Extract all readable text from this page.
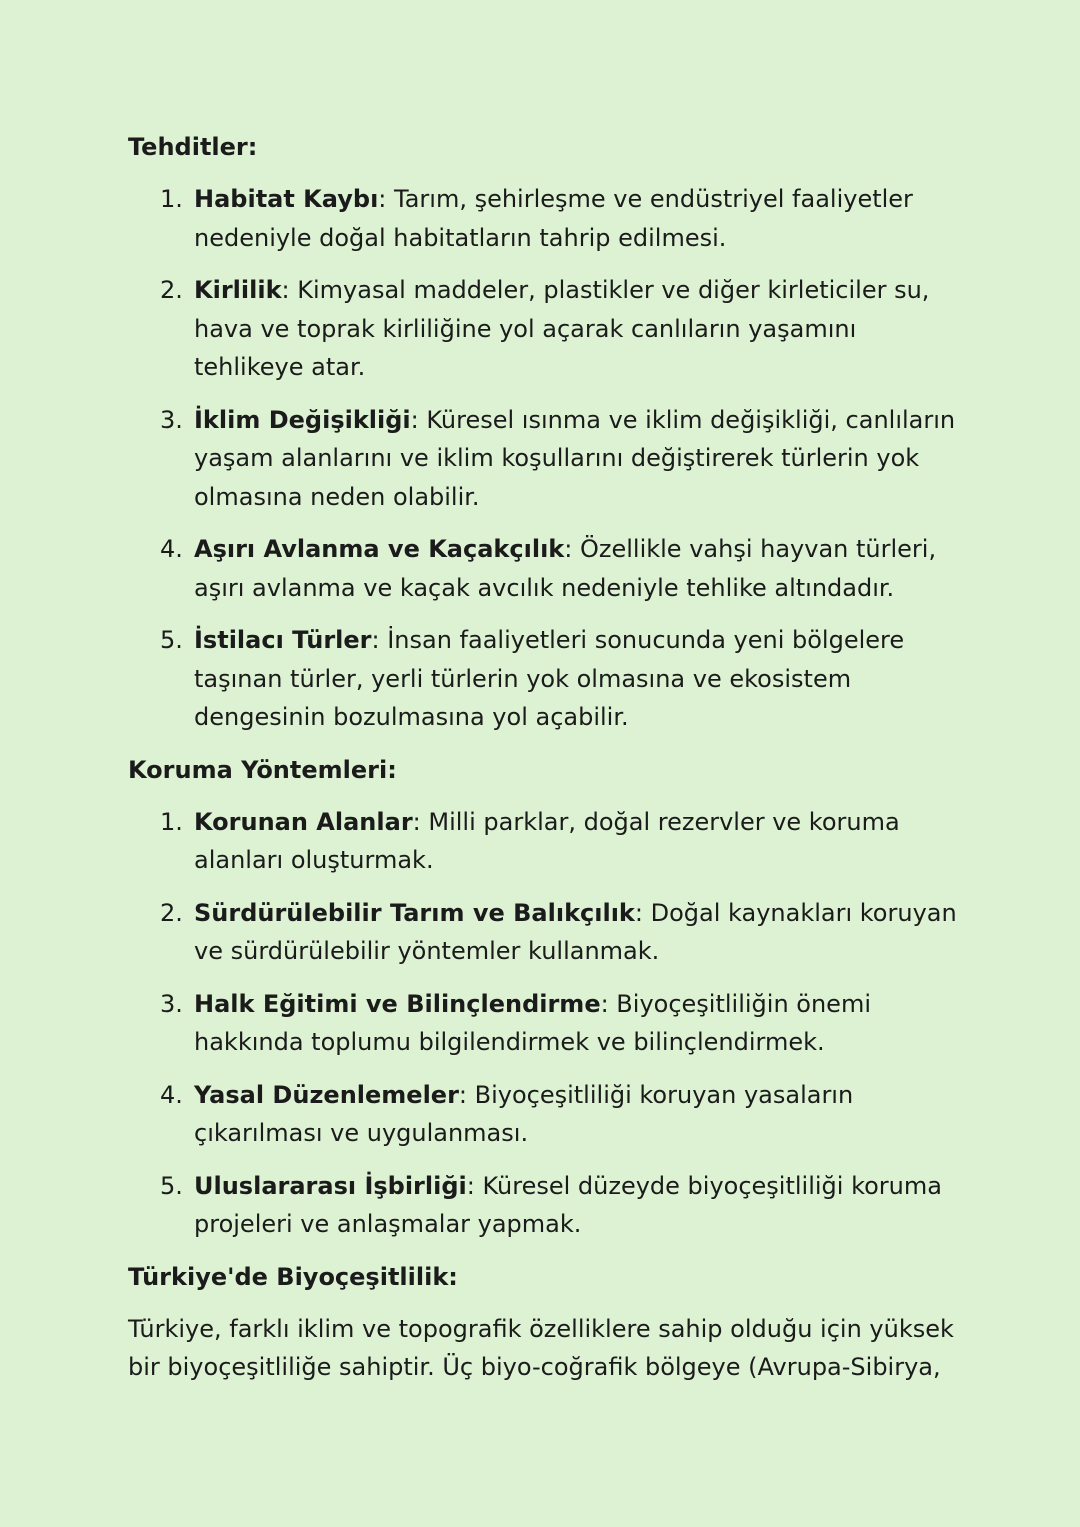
Tehditler:
1. Habitat Kaybı: Tarım, şehirleşme ve endüstriyel faaliyetler nedeniyle doğal habitatların tahrip edilmesi.
2. Kirlilik: Kimyasal maddeler, plastikler ve diğer kirleticiler su, hava ve toprak kirliliğine yol açarak canlıların yaşamını tehlikeye atar.
3. İklim Değişikliği: Küresel ısınma ve iklim değişikliği, canlıların yaşam alanlarını ve iklim koşullarını değiştirerek türlerin yok olmasına neden olabilir.
4. Aşırı Avlanma ve Kaçakçılık: Özellikle vahşi hayvan türleri, aşırı avlanma ve kaçak avcılık nedeniyle tehlike altındadır.
5. İstilacı Türler: İnsan faaliyetleri sonucunda yeni bölgelere taşınan türler, yerli türlerin yok olmasına ve ekosistem dengesinin bozulmasına yol açabilir.
Koruma Yöntemleri:
1. Korunan Alanlar: Milli parklar, doğal rezervler ve koruma alanları oluşturmak.
2. Sürdürülebilir Tarım ve Balıkçılık: Doğal kaynakları koruyan ve sürdürülebilir yöntemler kullanmak.
3. Halk Eğitimi ve Bilinçlendirme: Biyoçeşitliliğin önemi hakkında toplumu bilgilendirmek ve bilinçlendirmek.
4. Yasal Düzenlemeler: Biyoçeşitliliği koruyan yasaların çıkarılması ve uygulanması.
5. Uluslararası İşbirliği: Küresel düzeyde biyoçeşitliliği koruma projeleri ve anlaşmalar yapmak.
Türkiye'de Biyoçeşitlilik:

Türkiye, farklı iklim ve topografik özelliklere sahip olduğu için yüksek bir biyoçeşitliliğe sahiptir. Üç biyo-coğrafik bölgeye (Avrupa-Sibirya,
